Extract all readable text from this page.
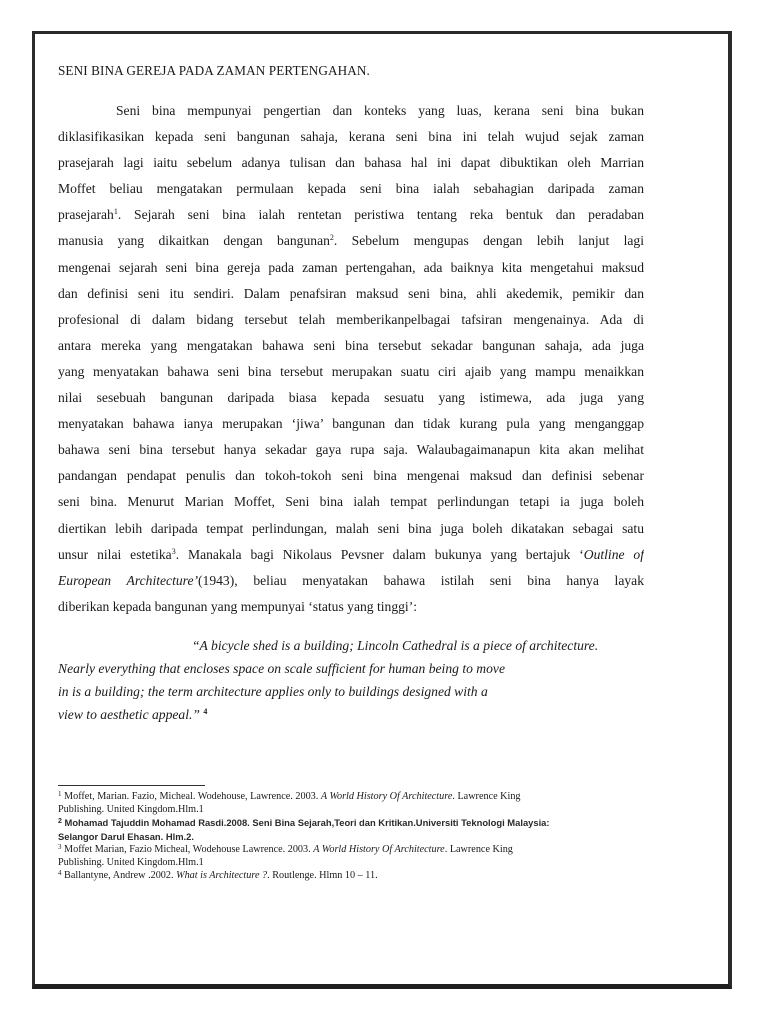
SENI BINA GEREJA PADA ZAMAN PERTENGAHAN.
Seni bina mempunyai pengertian dan konteks yang luas, kerana seni bina bukan
diklasifikasikan kepada seni bangunan sahaja, kerana seni bina ini telah wujud sejak zaman
prasejarah lagi iaitu sebelum adanya tulisan dan bahasa hal ini dapat dibuktikan oleh Marrian
Moffet beliau mengatakan permulaan kepada seni bina ialah sebahagian daripada zaman
prasejarah$^1$. Sejarah seni bina ialah rentetan peristiwa tentang reka bentuk dan peradaban
manusia yang dikaitkan dengan bangunan$^2$. Sebelum mengupas dengan lebih lanjut lagi
mengenai sejarah seni bina gereja pada zaman pertengahan, ada baiknya kita mengetahui maksud
dan definisi seni itu sendiri. Dalam penafsiran maksud seni bina, ahli akedemik, pemikir dan
profesional di dalam bidang tersebut telah memberikanpelbagai tafsiran mengenainya. Ada di
antara mereka yang mengatakan bahawa seni bina tersebut sekadar bangunan sahaja, ada juga
yang menyatakan bahawa seni bina tersebut merupakan suatu ciri ajaib yang mampu menaikkan
nilai sesebuah bangunan daripada biasa kepada sesuatu yang istimewa, ada juga yang
menyatakan bahawa ianya merupakan ‘jiwa’ bangunan dan tidak kurang pula yang menganggap
bahawa seni bina tersebut hanya sekadar gaya rupa saja. Walaubagaimanapun kita akan melihat
pandangan pendapat penulis dan tokoh-tokoh seni bina mengenai maksud dan definisi sebenar
seni bina. Menurut Marian Moffet, Seni bina ialah tempat perlindungan tetapi ia juga boleh
diertikan lebih daripada tempat perlindungan, malah seni bina juga boleh dikatakan sebagai satu
unsur nilai estetika$^3$. Manakala bagi Nikolaus Pevsner dalam bukunya yang bertajuk ‘Outline of
European Architecture’(1943), beliau menyatakan bahawa istilah seni bina hanya layak
diberikan kepada bangunan yang mempunyai ‘status yang tinggi’:
“A bicycle shed is a building; Lincoln Cathedral is a piece of architecture.
Nearly everything that encloses space on scale sufficient for human being to move
in is a building; the term architecture applies only to buildings designed with a
view to aesthetic appeal.” $^4$
$^1$ Moffet, Marian. Fazio, Micheal. Wodehouse, Lawrence. 2003. A World History Of Architecture. Lawrence King
Publishing. United Kingdom.Hlm.1
$^2$ Mohamad Tajuddin Mohamad Rasdi.2008. Seni Bina Sejarah,Teori dan Kritikan.Universiti Teknologi Malaysia:
Selangor Darul Ehasan. Hlm.2.
$^3$ Moffet Marian, Fazio Micheal, Wodehouse Lawrence. 2003. A World History Of Architecture. Lawrence King
Publishing. United Kingdom.Hlm.1
$^4$ Ballantyne, Andrew .2002. What is Architecture ?. Routlenge. Hlmn 10 – 11.
